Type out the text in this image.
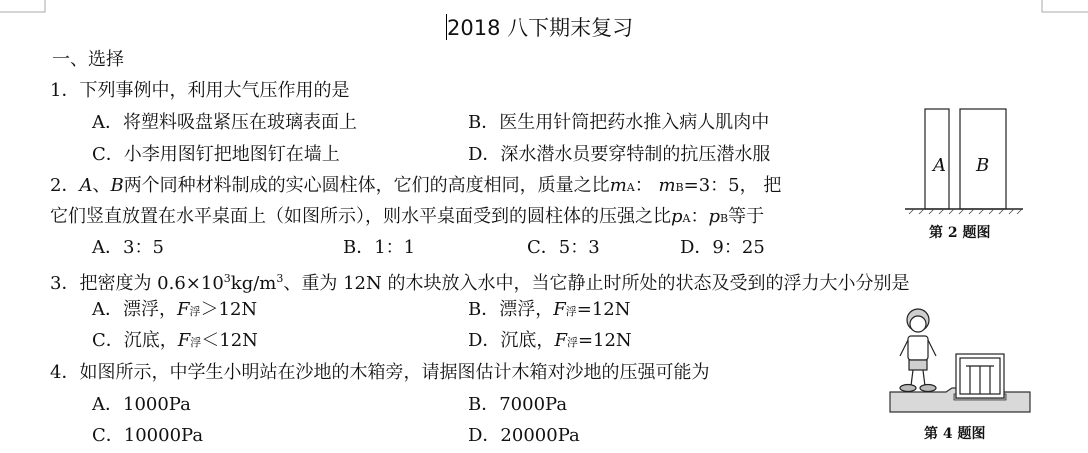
2018 八下期末复习
一、选择
1．下列事例中，利用大气压作用的是
A．将塑料吸盘紧压在玻璃表面上	B．医生用针筒把药水推入病人肌肉中
C．小李用图钉把地图钉在墙上	D．深水潜水员要穿特制的抗压潜水服
2．A、B两个同种材料制成的实心圆柱体，它们的高度相同，质量之比mA： mB=3：5， 把
它们竖直放置在水平桌面上（如图所示），则水平桌面受到的圆柱体的压强之比pA：pB等于
A．3：5	B．1：1	C．5：3	D．9：25
A B
第 2 题图
3．把密度为 $0.6\times 10^3kg/m^3$、重为 12N 的木块放入水中，当它静止时所处的状态及受到的浮力大小分别是
A．漂浮，F浮＞12N	B．漂浮，F浮=12N
C．沉底，F浮＜12N	D．沉底，F浮=12N
4．如图所示，中学生小明站在沙地的木箱旁，请据图估计木箱对沙地的压强可能为
A．1000Pa	B．7000Pa
C．10000Pa	D．20000Pa	第 4 题图
